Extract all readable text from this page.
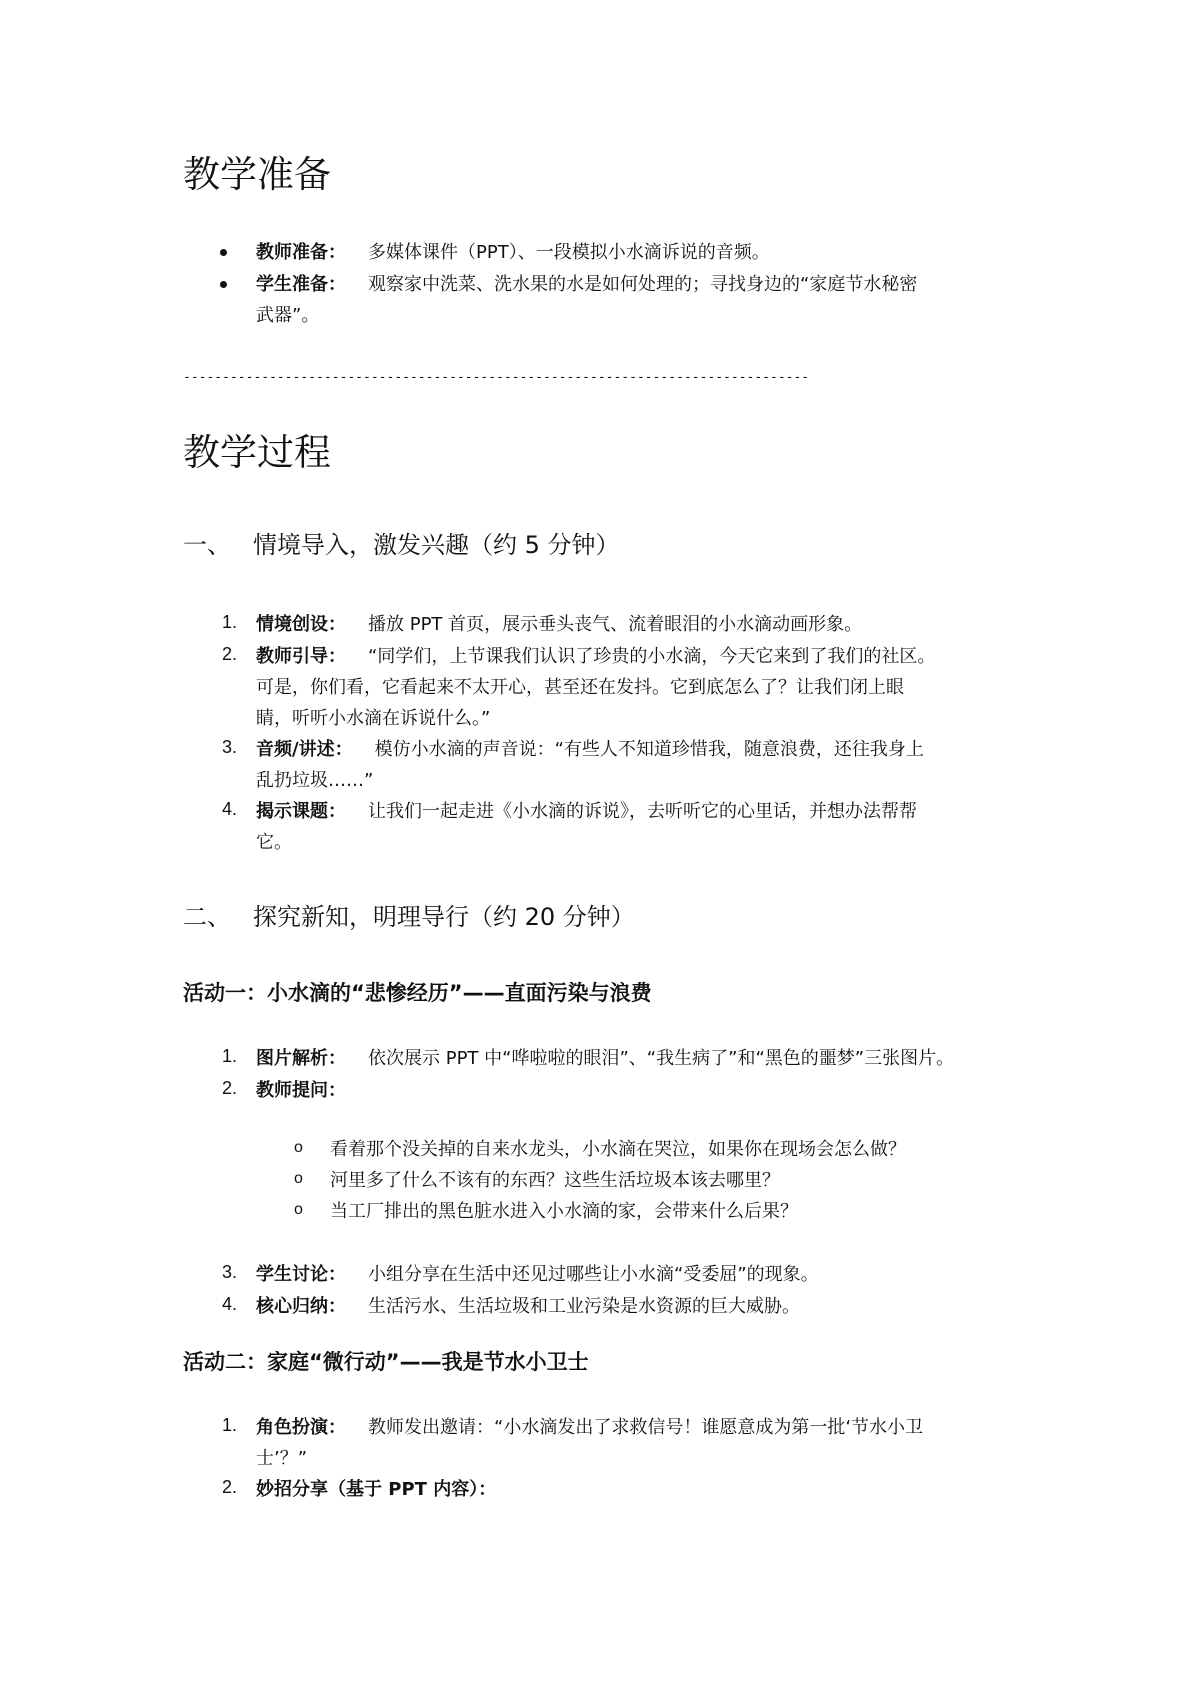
教学准备
教师准备： 多媒体课件（PPT）、一段模拟小水滴诉说的音频。
学生准备： 观察家中洗菜、洗水果的水是如何处理的；寻找身边的“家庭节水秘密
武器”。
--------------------------------------------------------------------------------
教学过程
一、 情境导入，激发兴趣（约 5 分钟）
1. 情境创设： 播放 PPT 首页，展示垂头丧气、流着眼泪的小水滴动画形象。
2. 教师引导： “同学们，上节课我们认识了珍贵的小水滴，今天它来到了我们的社区。
可是，你们看，它看起来不太开心，甚至还在发抖。它到底怎么了？让我们闭上眼
睛，听听小水滴在诉说什么。”
3. 音频/讲述： 模仿小水滴的声音说：“有些人不知道珍惜我，随意浪费，还往我身上
乱扔垃圾……”
4. 揭示课题： 让我们一起走进《小水滴的诉说》，去听听它的心里话，并想办法帮帮
它。
二、 探究新知，明理导行（约 20 分钟）
活动一：小水滴的“悲惨经历”——直面污染与浪费
1. 图片解析： 依次展示 PPT 中“哗啦啦的眼泪”、“我生病了”和“黑色的噩梦”三张图片。
2. 教师提问：
o 看着那个没关掉的自来水龙头，小水滴在哭泣，如果你在现场会怎么做？
o 河里多了什么不该有的东西？这些生活垃圾本该去哪里？
o 当工厂排出的黑色脏水进入小水滴的家，会带来什么后果？
3. 学生讨论： 小组分享在生活中还见过哪些让小水滴“受委屈”的现象。
4. 核心归纳： 生活污水、生活垃圾和工业污染是水资源的巨大威胁。
活动二：家庭“微行动”——我是节水小卫士
1. 角色扮演： 教师发出邀请：“小水滴发出了求救信号！谁愿意成为第一批‘节水小卫
士’？”
2. 妙招分享（基于 PPT 内容）：
